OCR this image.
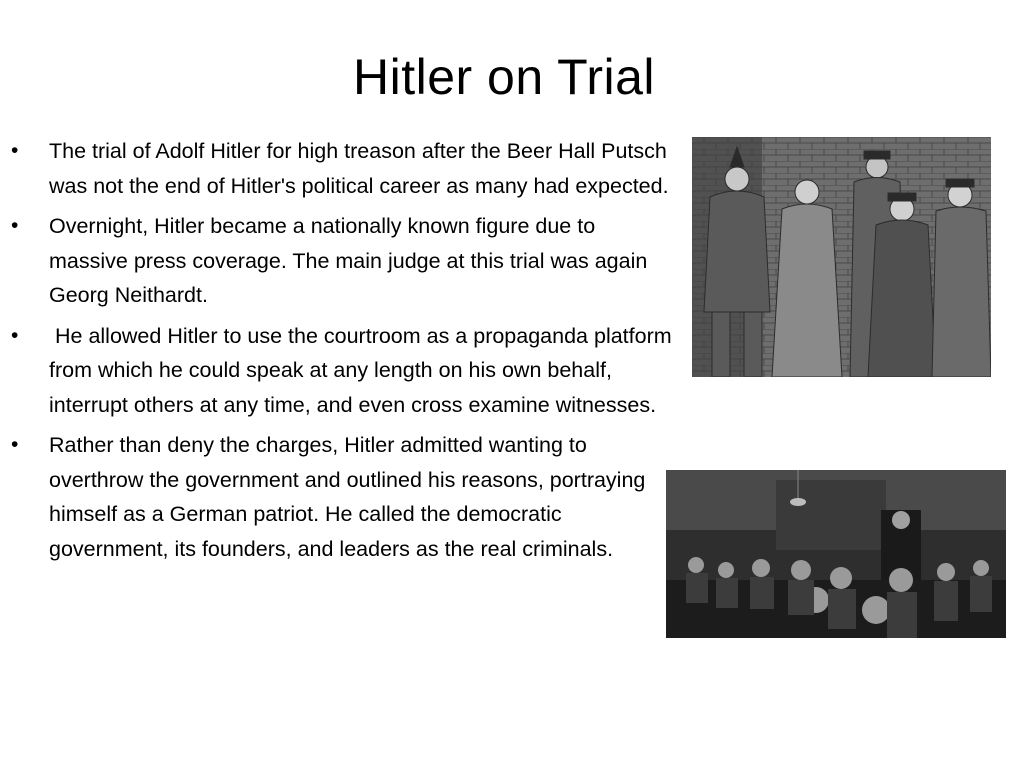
Hitler on Trial
• The trial of Adolf Hitler for high treason after the Beer Hall Putsch was not the end of Hitler's political career as many had expected.
• Overnight, Hitler became a nationally known figure due to massive press coverage. The main judge at this trial was again Georg Neithardt.
• He allowed Hitler to use the courtroom as a propaganda platform from which he could speak at any length on his own behalf, interrupt others at any time, and even cross examine witnesses.
• Rather than deny the charges, Hitler admitted wanting to overthrow the government and outlined his reasons, portraying himself as a German patriot. He called the democratic government, its founders, and leaders as the real criminals.
